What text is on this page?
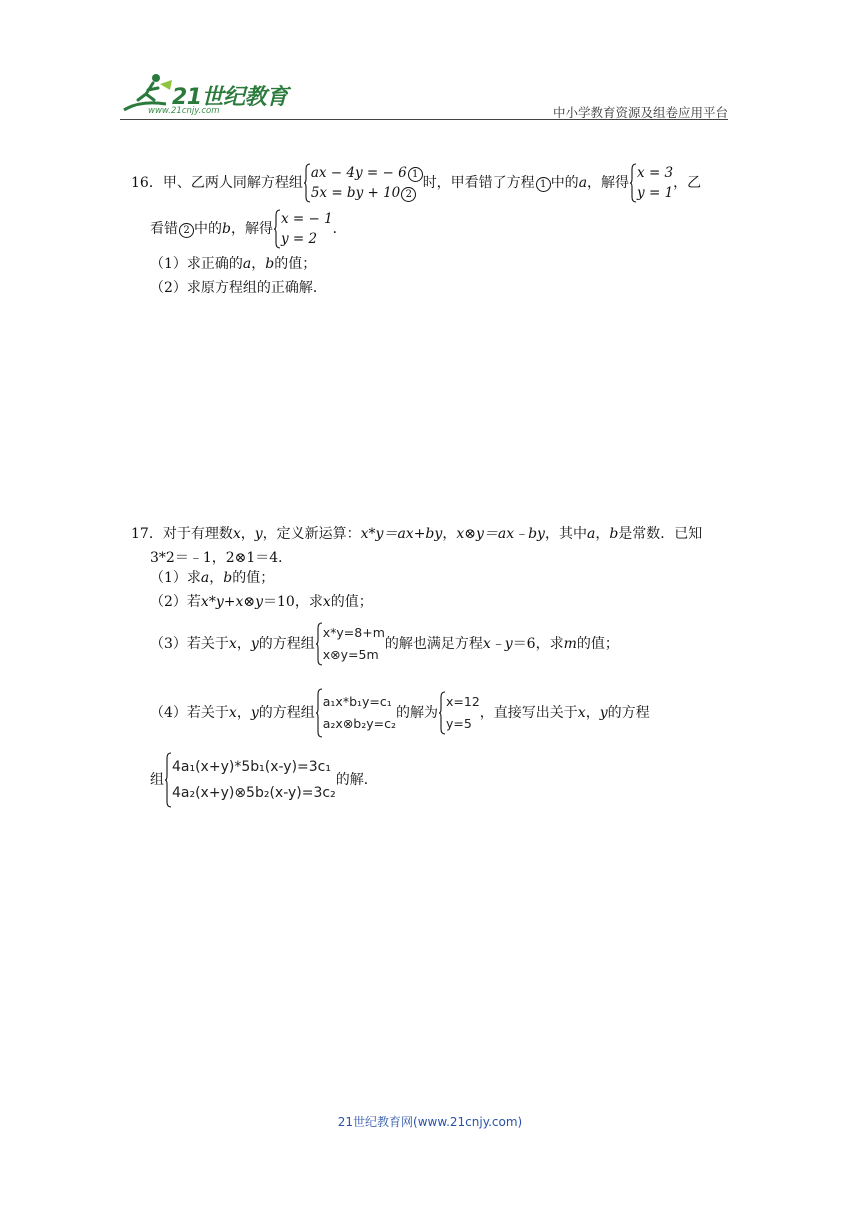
21世纪教育
www.21cnjy.com	中小学教育资源及组卷应用平台
16．甲、乙两人同解方程组ax − 4y = − 6 1
5x = by + 10 2时，甲看错了方程 1 中的a，解得x = 3
y = 1，乙
看错 2 中的b，解得x = − 1
y = 2．
（1）求正确的a，b的值；
（2）求原方程组的正确解．
17．对于有理数x，y，定义新运算：x*y＝ax+by，x⊗y＝ax﹣by，其中a，b是常数．已知
3*2＝﹣1，2⊗1＝4．
（1）求a，b的值；
（2）若x*y+x⊗y＝10，求x的值；
（3）若关于x，y的方程组x*y=8+m
x⊗y=5m的解也满足方程x﹣y＝6，求m的值；
（4）若关于x，y的方程组a₁x*b₁y=c₁
a₂x⊗b₂y=c₂的解为x=12
y=5，直接写出关于x，y的方程
组4a₁(x+y)*5b₁(x-y)=3c₁
4a₂(x+y)⊗5b₂(x-y)=3c₂的解．
21世纪教育网(www.21cnjy.com)
